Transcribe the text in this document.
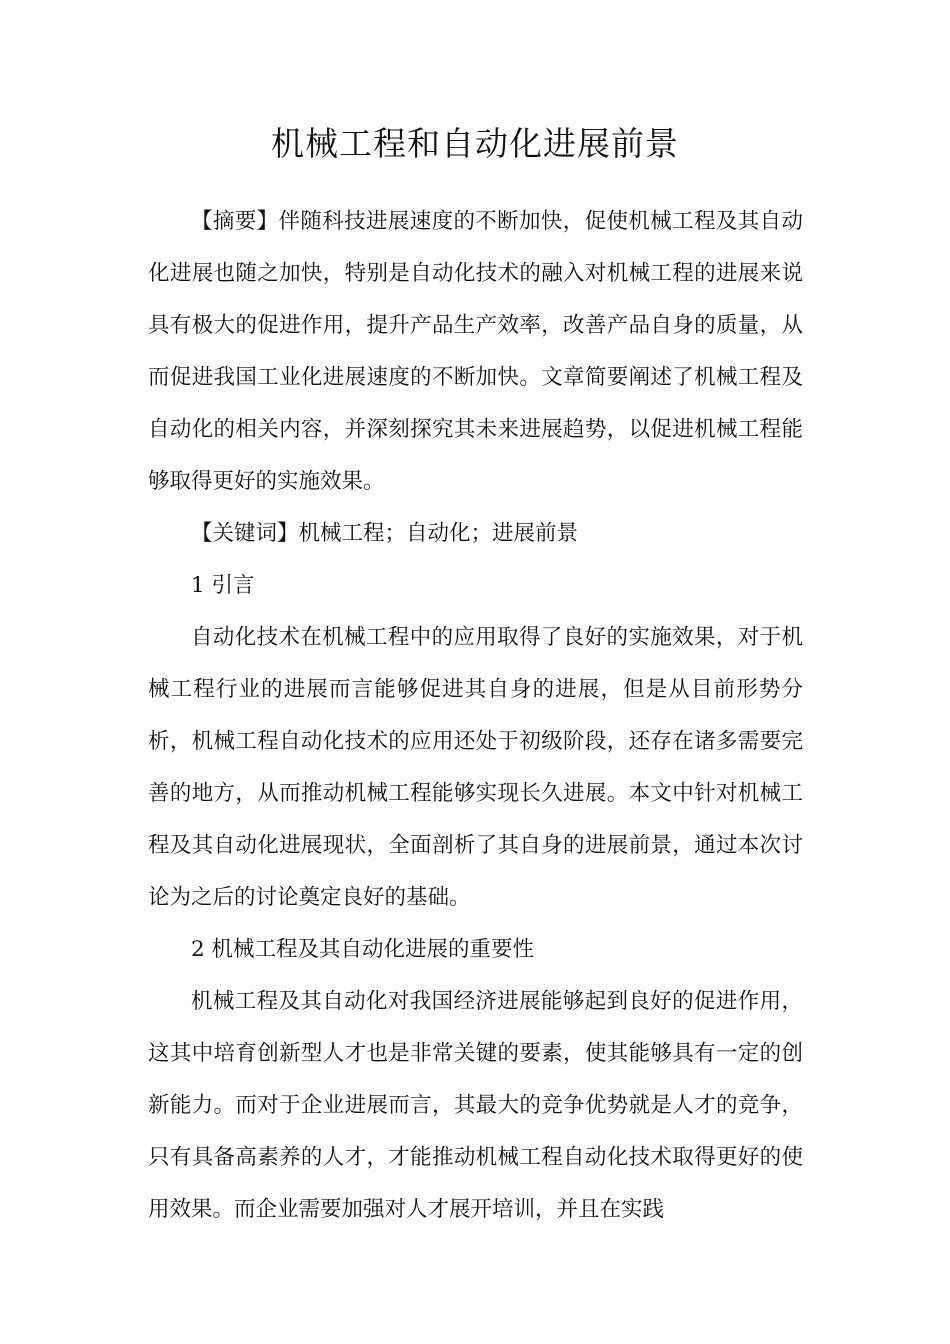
机械工程和自动化进展前景

【摘要】伴随科技进展速度的不断加快，促使机械工程及其自动化进展也随之加快，特别是自动化技术的融入对机械工程的进展来说具有极大的促进作用，提升产品生产效率，改善产品自身的质量，从而促进我国工业化进展速度的不断加快。文章简要阐述了机械工程及自动化的相关内容，并深刻探究其未来进展趋势，以促进机械工程能够取得更好的实施效果。

【关键词】机械工程；自动化；进展前景

1 引言

自动化技术在机械工程中的应用取得了良好的实施效果，对于机械工程行业的进展而言能够促进其自身的进展，但是从目前形势分析，机械工程自动化技术的应用还处于初级阶段，还存在诸多需要完善的地方，从而推动机械工程能够实现长久进展。本文中针对机械工程及其自动化进展现状，全面剖析了其自身的进展前景，通过本次讨论为之后的讨论奠定良好的基础。

2 机械工程及其自动化进展的重要性

机械工程及其自动化对我国经济进展能够起到良好的促进作用，这其中培育创新型人才也是非常关键的要素，使其能够具有一定的创新能力。而对于企业进展而言，其最大的竞争优势就是人才的竞争，只有具备高素养的人才，才能推动机械工程自动化技术取得更好的使用效果。而企业需要加强对人才展开培训，并且在实践
